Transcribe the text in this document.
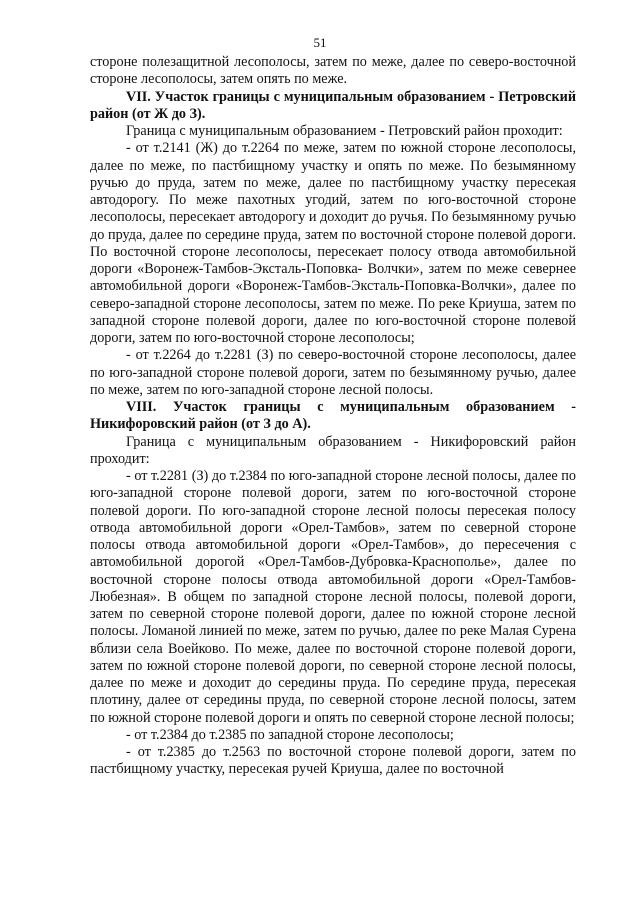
51

стороне полезащитной лесополосы, затем по меже, далее по северо-восточной стороне лесополосы, затем опять по меже.

VII. Участок границы с муниципальным образованием - Петровский район (от Ж до З).

Граница с муниципальным образованием - Петровский район проходит:

- от т.2141 (Ж) до т.2264 по меже, затем по южной стороне лесополосы, далее по меже, по пастбищному участку и опять по меже. По безымянному ручью до пруда, затем по меже, далее по пастбищному участку пересекая автодорогу. По меже пахотных угодий, затем по юго-восточной стороне лесополосы, пересекает автодорогу и доходит до ручья. По безымянному ручью до пруда, далее по середине пруда, затем по восточной стороне полевой дороги. По восточной стороне лесополосы, пересекает полосу отвода автомобильной дороги «Воронеж-Тамбов-Эксталь-Поповка- Волчки», затем по меже севернее автомобильной дороги «Воронеж-Тамбов-Эксталь-Поповка-Волчки», далее по северо-западной стороне лесополосы, затем по меже. По реке Криуша, затем по западной стороне полевой дороги, далее по юго-восточной стороне полевой дороги, затем по юго-восточной стороне лесополосы;

- от т.2264 до т.2281 (З) по северо-восточной стороне лесополосы, далее по юго-западной стороне полевой дороги, затем по безымянному ручью, далее по меже, затем по юго-западной стороне лесной полосы.

VIII. Участок границы с муниципальным образованием - Никифоровский район (от З до А).

Граница с муниципальным образованием - Никифоровский район проходит:

- от т.2281 (З) до т.2384 по юго-западной стороне лесной полосы, далее по юго-западной стороне полевой дороги, затем по юго-восточной стороне полевой дороги. По юго-западной стороне лесной полосы пересекая полосу отвода автомобильной дороги «Орел-Тамбов», затем по северной стороне полосы отвода автомобильной дороги «Орел-Тамбов», до пересечения с автомобильной дорогой «Орел-Тамбов-Дубровка-Краснополье», далее по восточной стороне полосы отвода автомобильной дороги «Орел-Тамбов-Любезная». В общем по западной стороне лесной полосы, полевой дороги, затем по северной стороне полевой дороги, далее по южной стороне лесной полосы. Ломаной линией по меже, затем по ручью, далее по реке Малая Сурена вблизи села Воейково. По меже, далее по восточной стороне полевой дороги, затем по южной стороне полевой дороги, по северной стороне лесной полосы, далее по меже и доходит до середины пруда. По середине пруда, пересекая плотину, далее от середины пруда, по северной стороне лесной полосы, затем по южной стороне полевой дороги и опять по северной стороне лесной полосы;

- от т.2384 до т.2385 по западной стороне лесополосы;

- от т.2385 до т.2563 по восточной стороне полевой дороги, затем по пастбищному участку, пересекая ручей Криуша, далее по восточной
